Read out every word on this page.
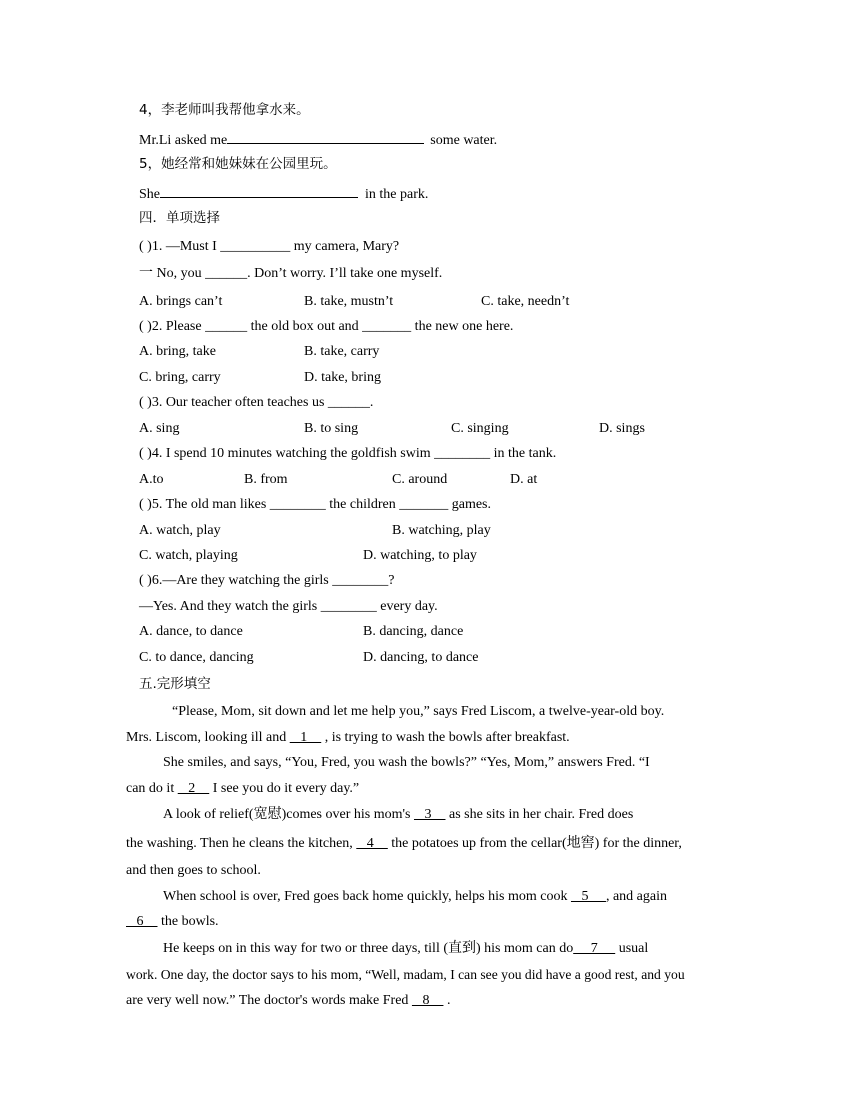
4，李老师叫我帮他拿水来。
Mr.Li asked me	some water.
5，她经常和她妹妹在公园里玩。
She	in the park.
四．单项选择
( )1. —Must I __________ my camera, Mary?
一 No, you ______. Don’t worry. I’ll take one myself.
A. brings can’t	B. take, mustn’t	C. take, needn’t
( )2. Please ______ the old box out and _______ the new one here.
A. bring, take	B. take, carry
C. bring, carry	D. take, bring
( )3. Our teacher often teaches us ______.
A. sing	B. to sing	C. singing	D. sings
( )4. I spend 10 minutes watching the goldfish swim ________ in the tank.
A.to	B. from	C. around	D. at
( )5. The old man likes ________ the children _______ games.
A. watch, play	B. watching, play
C. watch, playing	D. watching, to play
( )6.—Are they watching the girls ________?
—Yes. And they watch the girls ________ every day.
A. dance, to dance	B. dancing, dance
C. to dance, dancing	D. dancing, to dance
五.完形填空
“Please, Mom, sit down and let me help you,” says Fred Liscom, a twelve-year-old boy.
Mrs. Liscom, looking ill and    1     , is trying to wash the bowls after breakfast.
She smiles, and says, “You, Fred, you wash the bowls?” “Yes, Mom,” answers Fred. “I
can do it    2     I see you do it every day.”
A look of relief(宽慰)comes over his mom's    3     as she sits in her chair. Fred does
the washing. Then he cleans the kitchen,    4     the potatoes up from the cellar(地窖) for the dinner,
and then goes to school.
When school is over, Fred goes back home quickly, helps his mom cook    5     , and again
6     the bowls.
He keeps on in this way for two or three days, till (直到) his mom can do     7      usual
work. One day, the doctor says to his mom, “Well, madam, I can see you did have a good rest, and you
are very well now.” The doctor's words make Fred    8     .
